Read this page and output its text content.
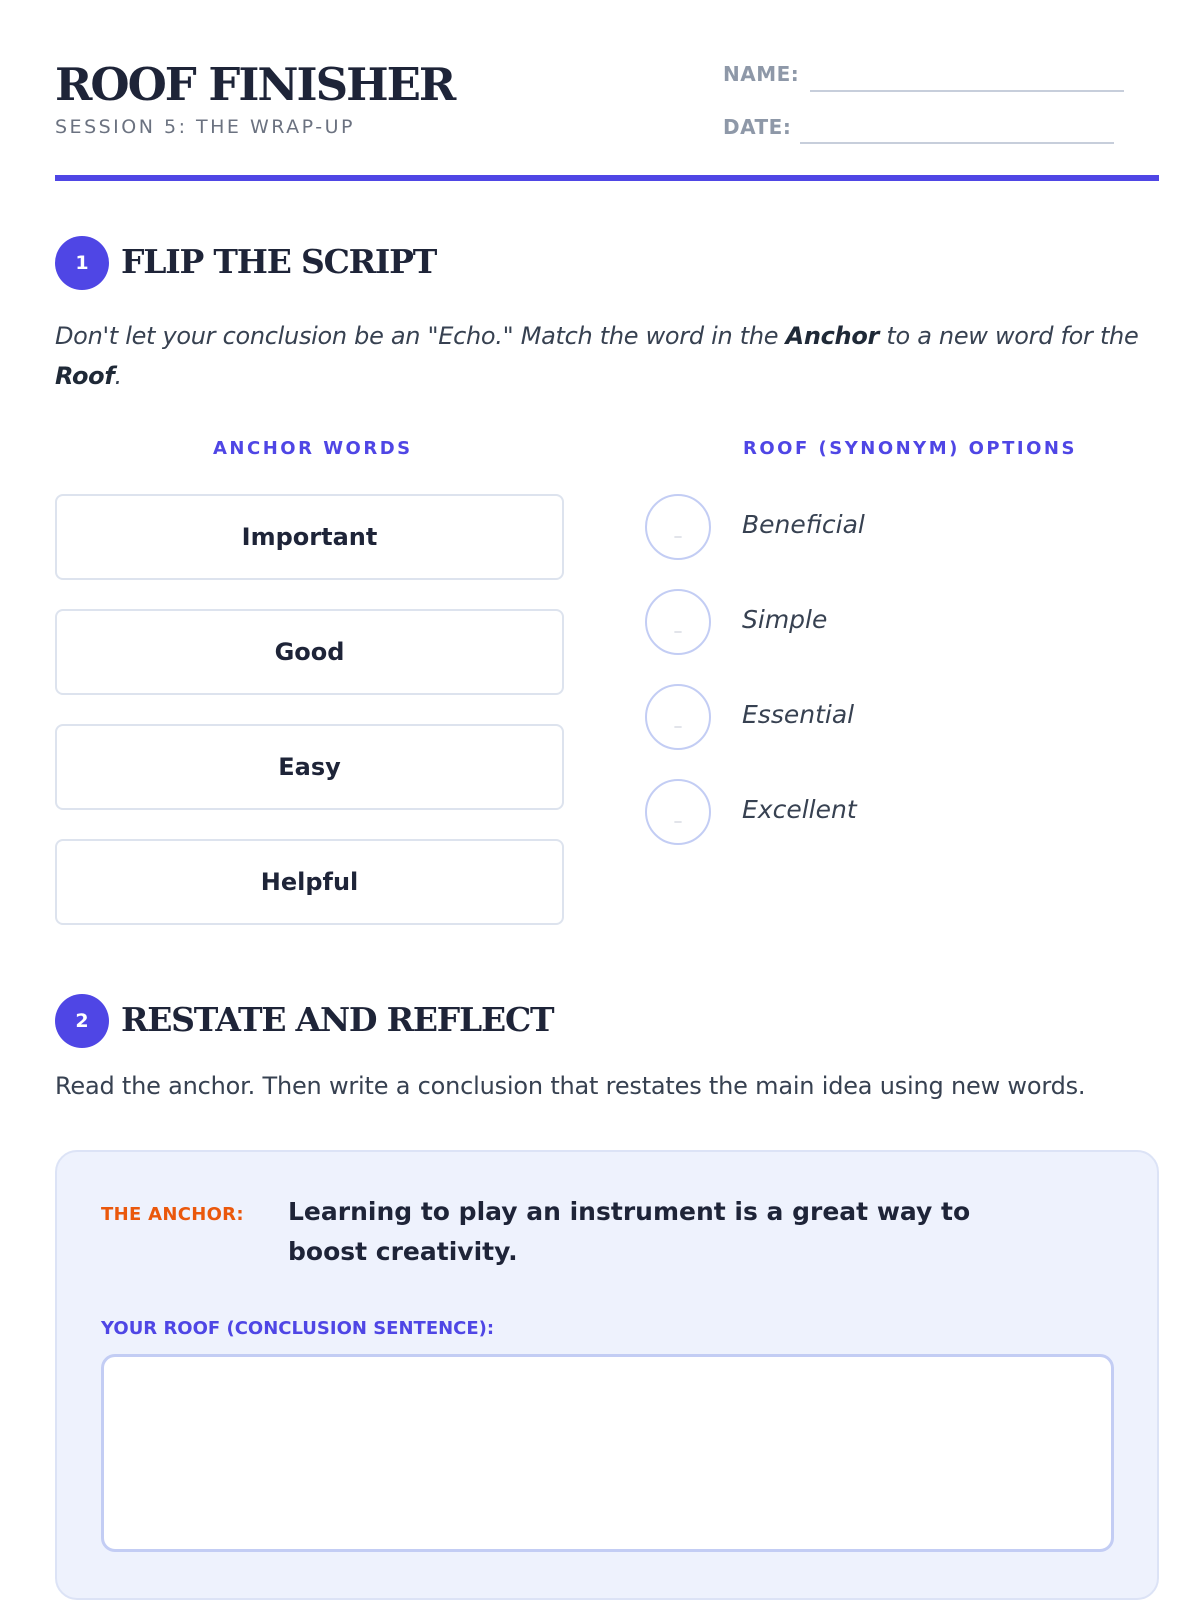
ROOF FINISHER
SESSION 5: THE WRAP-UP
NAME:
DATE:
1 FLIP THE SCRIPT
Don't let your conclusion be an "Echo." Match the word in the Anchor to a new word for the Roof.
ANCHOR WORDS	ROOF (SYNONYM) OPTIONS
Important
Good
Easy
Helpful
_	Beneficial
_	Simple
_	Essential
_	Excellent
2 RESTATE AND REFLECT
Read the anchor. Then write a conclusion that restates the main idea using new words.
THE ANCHOR: Learning to play an instrument is a great way to boost creativity.
YOUR ROOF (CONCLUSION SENTENCE):
